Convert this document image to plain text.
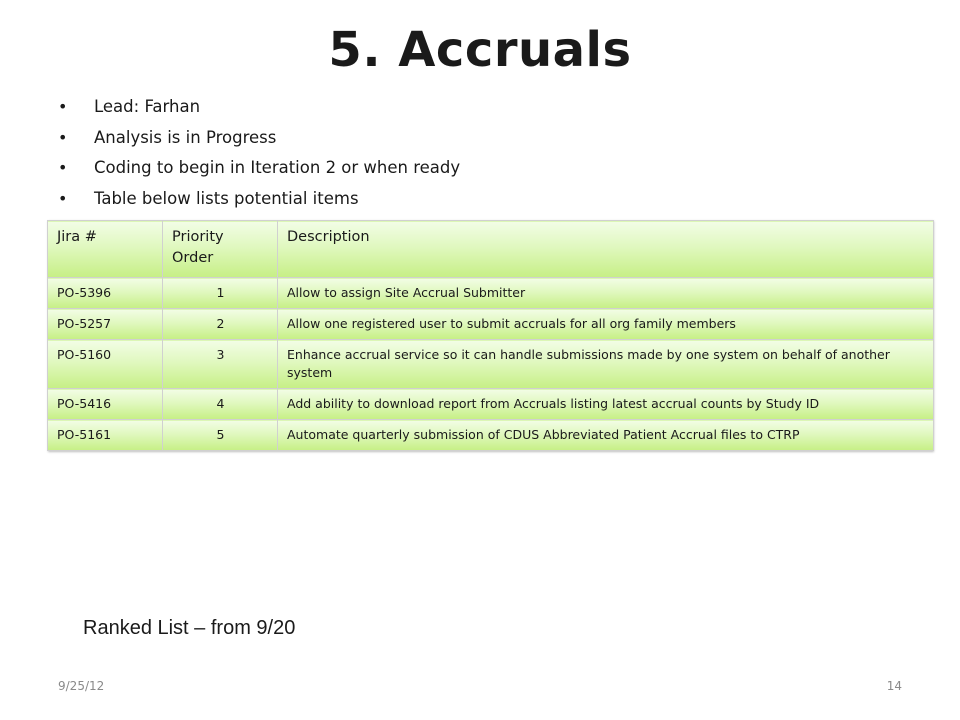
5. Accruals
• Lead: Farhan
• Analysis is in Progress
• Coding to begin in Iteration 2 or when ready
• Table below lists potential items
Jira #	Priority Order	Description
PO-5396	1	Allow to assign Site Accrual Submitter
PO-5257	2	Allow one registered user to submit accruals for all org family members
PO-5160	3	Enhance accrual service so it can handle submissions made by one system on behalf of another system
PO-5416	4	Add ability to download report from Accruals listing latest accrual counts by Study ID
PO-5161	5	Automate quarterly submission of CDUS Abbreviated Patient Accrual files to CTRP
Ranked List – from 9/20
9/25/12	14
